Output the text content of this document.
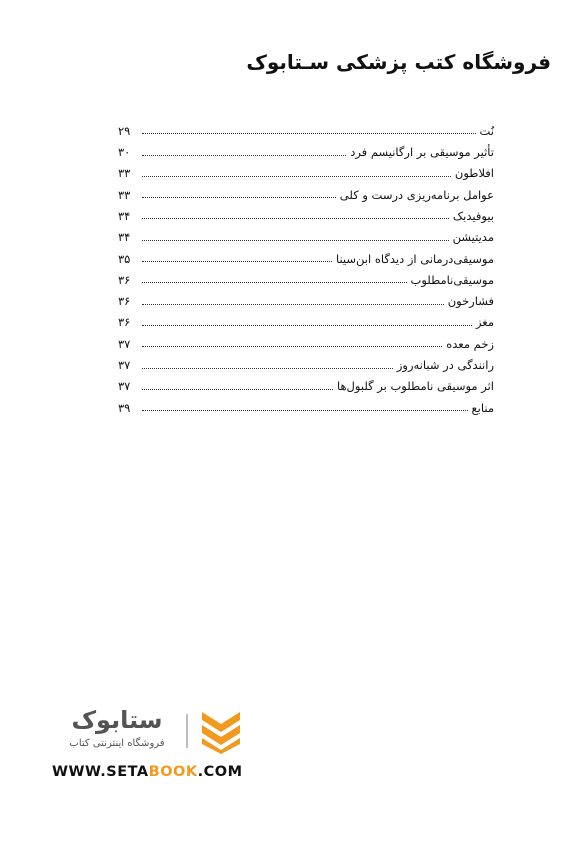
فروشگاه کتب پزشکی سـتابوک
نُت
۲۹
تأثیر موسیقی بر ارگانیسم فرد
۳۰
افلاطون
۳۳
عوامل برنامه‌ریزی درست و کلی
۳۳
بیوفیدبک
۳۴
مدیتیشن
۳۴
موسیقی‌درمانی از دیدگاه ابن‌سینا
۳۵
موسیقی‌نامطلوب
۳۶
فشارخون
۳۶
مغز
۳۶
زخم معده
۳۷
رانندگی در شبانه‌روز
۳۷
اثر موسیقی نامطلوب بر گلبول‌ها
۳۷
منابع
۳۹
ستابوک
فروشگاه اینترنتی کتاب
WWW.SETABOOK.COM
